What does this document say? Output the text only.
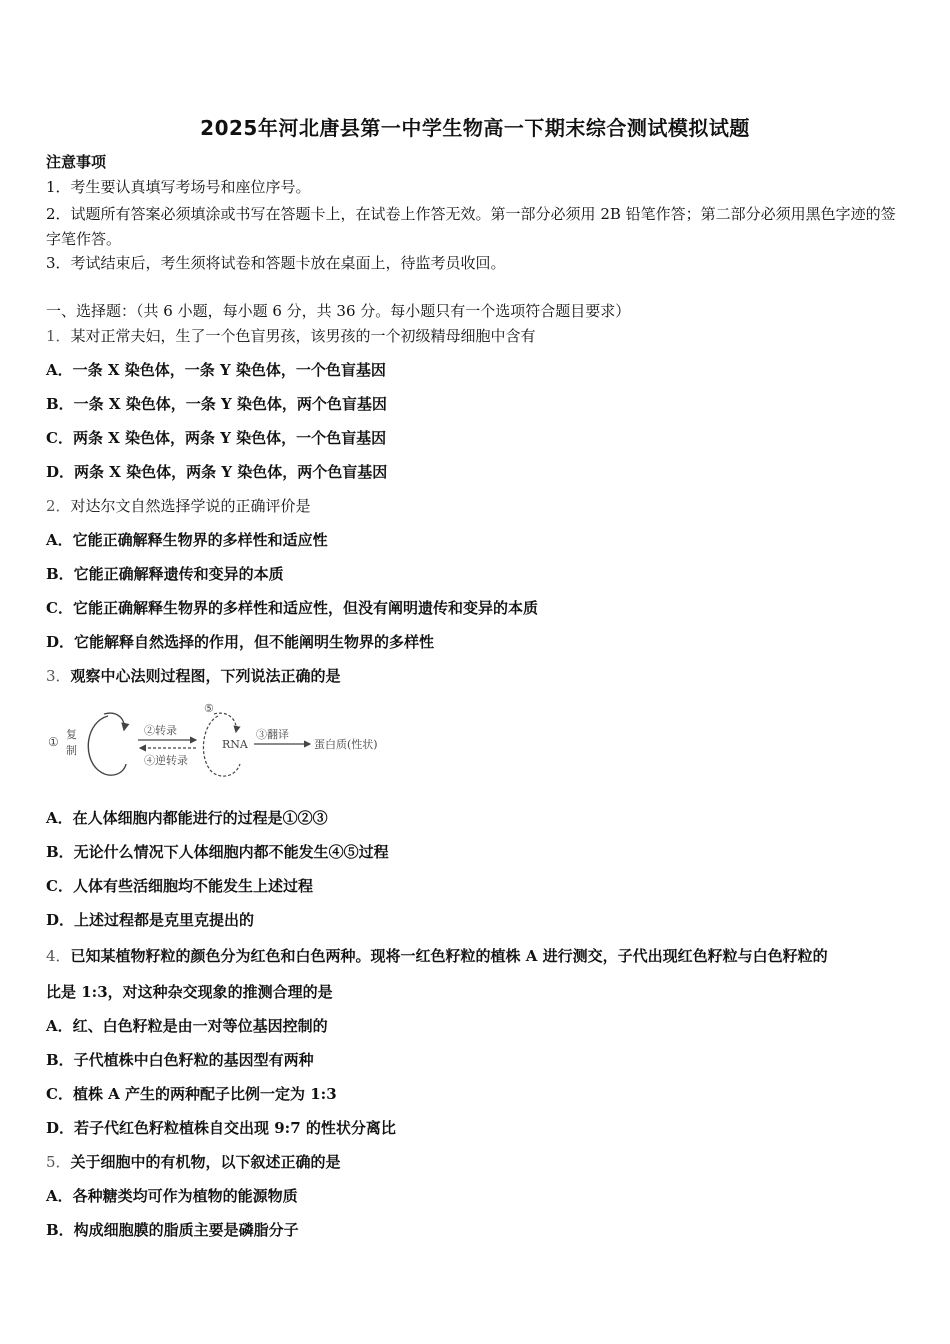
2025年河北唐县第一中学生物高一下期末综合测试模拟试题
注意事项
1．考生要认真填写考场号和座位序号。
2．试题所有答案必须填涂或书写在答题卡上，在试卷上作答无效。第一部分必须用 2B 铅笔作答；第二部分必须用黑色字迹的签字笔作答。
3．考试结束后，考生须将试卷和答题卡放在桌面上，待监考员收回。
一、选择题：（共 6 小题，每小题 6 分，共 36 分。每小题只有一个选项符合题目要求）
1．某对正常夫妇，生了一个色盲男孩，该男孩的一个初级精母细胞中含有
A．一条 X 染色体，一条 Y 染色体，一个色盲基因
B．一条 X 染色体，一条 Y 染色体，两个色盲基因
C．两条 X 染色体，两条 Y 染色体，一个色盲基因
D．两条 X 染色体，两条 Y 染色体，两个色盲基因
2．对达尔文自然选择学说的正确评价是
A．它能正确解释生物界的多样性和适应性
B．它能正确解释遗传和变异的本质
C．它能正确解释生物界的多样性和适应性，但没有阐明遗传和变异的本质
D．它能解释自然选择的作用，但不能阐明生物界的多样性
3．观察中心法则过程图，下列说法正确的是
①
复
制
②转录
④逆转录
⑤
RNA
③翻译
蛋白质(性状)
A．在人体细胞内都能进行的过程是①②③
B．无论什么情况下人体细胞内都不能发生④⑤过程
C．人体有些活细胞均不能发生上述过程
D．上述过程都是克里克提出的
4．已知某植物籽粒的颜色分为红色和白色两种。现将一红色籽粒的植株 A 进行测交，子代出现红色籽粒与白色籽粒的
比是 1:3，对这种杂交现象的推测合理的是
A．红、白色籽粒是由一对等位基因控制的
B．子代植株中白色籽粒的基因型有两种
C．植株 A 产生的两种配子比例一定为 1:3
D．若子代红色籽粒植株自交出现 9:7 的性状分离比
5．关于细胞中的有机物，以下叙述正确的是
A．各种糖类均可作为植物的能源物质
B．构成细胞膜的脂质主要是磷脂分子
